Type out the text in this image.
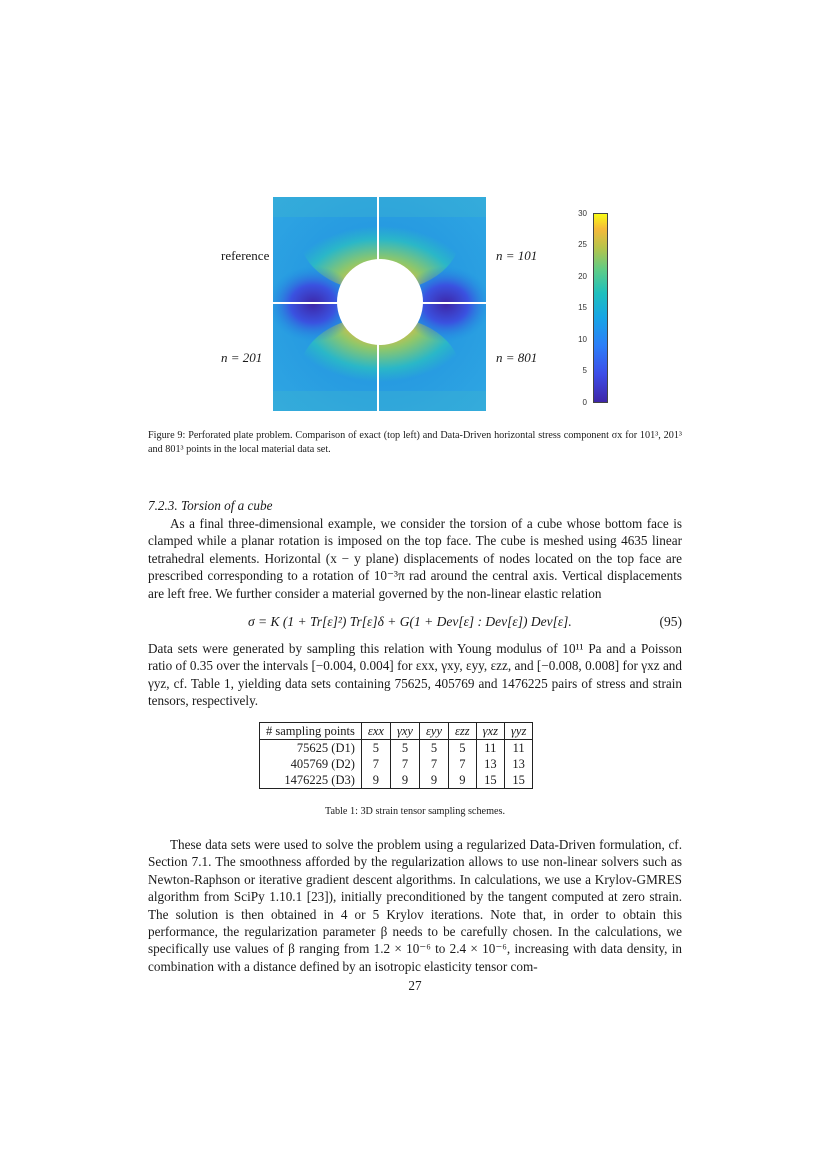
reference	n = 101
n = 201	n = 801
30
25
20
15
10
5
0
Figure 9: Perforated plate problem. Comparison of exact (top left) and Data-Driven horizontal stress component σx for 101³, 201³ and 801³ points in the local material data set.
7.2.3. Torsion of a cube
As a final three-dimensional example, we consider the torsion of a cube whose bottom face is clamped while a planar rotation is imposed on the top face. The cube is meshed using 4635 linear tetrahedral elements. Horizontal (x − y plane) displacements of nodes located on the top face are prescribed corresponding to a rotation of 10⁻³π rad around the central axis. Vertical displacements are left free. We further consider a material governed by the non-linear elastic relation
σ = K (1 + Tr[ε]²) Tr[ε]δ + G(1 + Dev[ε] : Dev[ε]) Dev[ε].	(95)
Data sets were generated by sampling this relation with Young modulus of 10¹¹ Pa and a Poisson ratio of 0.35 over the intervals [−0.004, 0.004] for εxx, γxy, εyy, εzz, and [−0.008, 0.008] for γxz and γyz, cf. Table 1, yielding data sets containing 75625, 405769 and 1476225 pairs of stress and strain tensors, respectively.
# sampling points	εxx	γxy	εyy	εzz	γxz	γyz
75625 (D1)	5	5	5	5	11	11
405769 (D2)	7	7	7	7	13	13
1476225 (D3)	9	9	9	9	15	15
Table 1: 3D strain tensor sampling schemes.
These data sets were used to solve the problem using a regularized Data-Driven formulation, cf. Section 7.1. The smoothness afforded by the regularization allows to use non-linear solvers such as Newton-Raphson or iterative gradient descent algorithms. In calculations, we use a Krylov-GMRES algorithm from SciPy 1.10.1 [23]), initially preconditioned by the tangent computed at zero strain. The solution is then obtained in 4 or 5 Krylov iterations. Note that, in order to obtain this performance, the regularization parameter β needs to be carefully chosen. In the calculations, we specifically use values of β ranging from 1.2 × 10⁻⁶ to 2.4 × 10⁻⁶, increasing with data density, in combination with a distance defined by an isotropic elasticity tensor com-
27
